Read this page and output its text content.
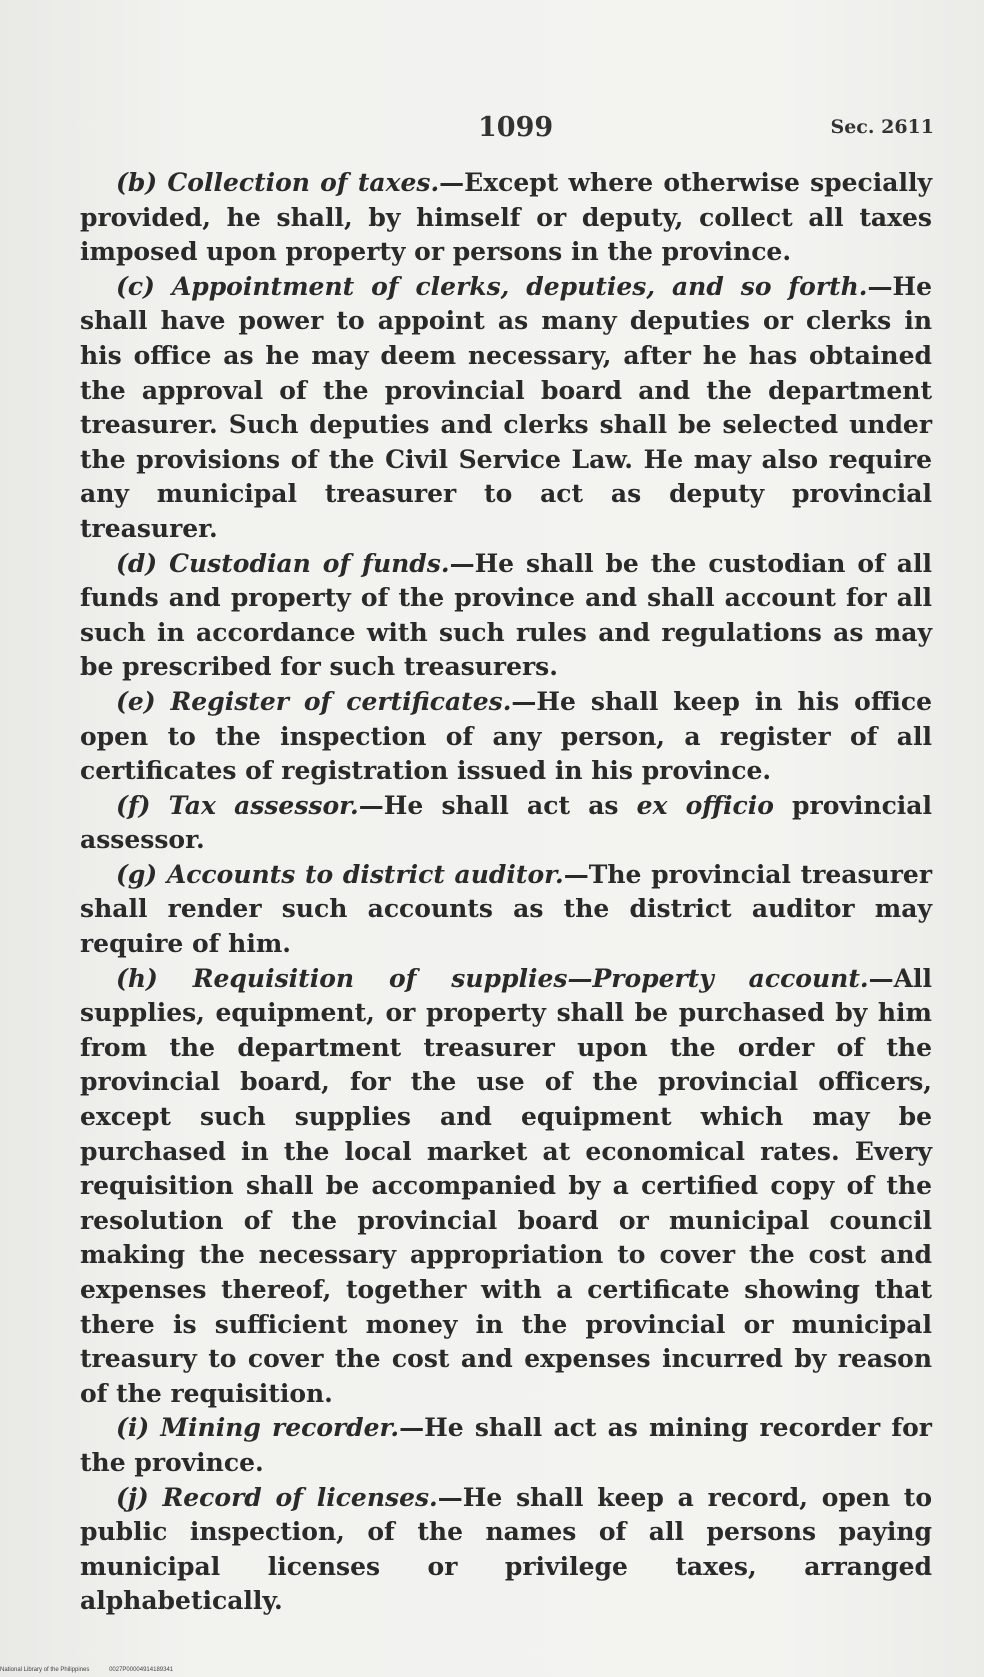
1099	Sec. 2611

(b) Collection of taxes.—Except where otherwise specially provided, he shall, by himself or deputy, collect all taxes imposed upon property or persons in the province.

(c) Appointment of clerks, deputies, and so forth.—He shall have power to appoint as many deputies or clerks in his office as he may deem necessary, after he has obtained the approval of the provincial board and the department treasurer. Such deputies and clerks shall be selected under the provisions of the Civil Service Law. He may also require any municipal treasurer to act as deputy provincial treasurer.

(d) Custodian of funds.—He shall be the custodian of all funds and property of the province and shall account for all such in accordance with such rules and regulations as may be prescribed for such treasurers.

(e) Register of certificates.—He shall keep in his office open to the inspection of any person, a register of all certificates of registration issued in his province.

(f) Tax assessor.—He shall act as ex officio provincial assessor.

(g) Accounts to district auditor.—The provincial treasurer shall render such accounts as the district auditor may require of him.

(h) Requisition of supplies—Property account.—All supplies, equipment, or property shall be purchased by him from the department treasurer upon the order of the provincial board, for the use of the provincial officers, except such supplies and equipment which may be purchased in the local market at economical rates. Every requisition shall be accompanied by a certified copy of the resolution of the provincial board or municipal council making the necessary appropriation to cover the cost and expenses thereof, together with a certificate showing that there is sufficient money in the provincial or municipal treasury to cover the cost and expenses incurred by reason of the requisition.

(i) Mining recorder.—He shall act as mining recorder for the province.

(j) Record of licenses.—He shall keep a record, open to public inspection, of the names of all persons paying municipal licenses or privilege taxes, arranged alphabetically.

National Library of the Philippines	0027P00004914189341
